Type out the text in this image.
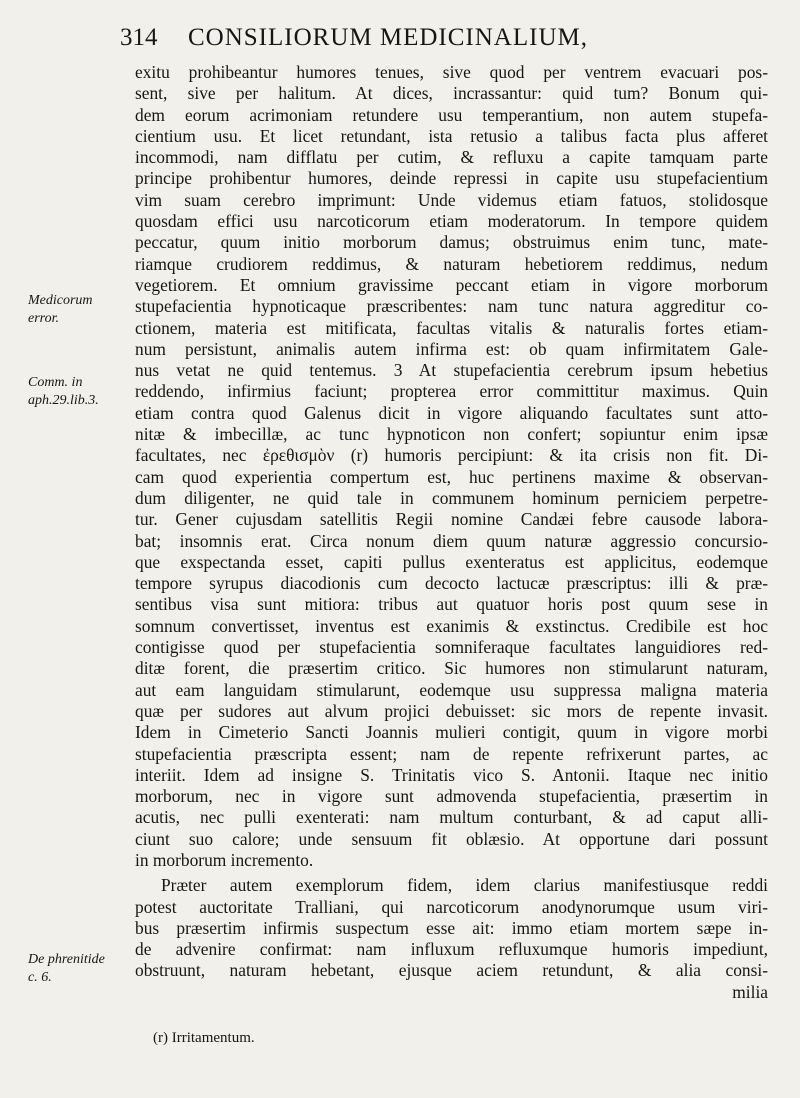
314 CONSILIORUM MEDICINALIUM,

Medicorum
error.
Comm. in
aph.29.lib.3.
De phrenitide
c. 6.
exitu prohibeantur humores tenues, sive quod per ventrem evacuari pos-
sent, sive per halitum. At dices, incrassantur: quid tum? Bonum qui-
dem eorum acrimoniam retundere usu temperantium, non autem stupefa-
cientium usu. Et licet retundant, ista retusio a talibus facta plus afferet
incommodi, nam difflatu per cutim, & refluxu a capite tamquam parte
principe prohibentur humores, deinde repressi in capite usu stupefacientium
vim suam cerebro imprimunt: Unde videmus etiam fatuos, stolidosque
quosdam effici usu narcoticorum etiam moderatorum. In tempore quidem
peccatur, quum initio morborum damus; obstruimus enim tunc, mate-
riamque crudiorem reddimus, & naturam hebetiorem reddimus, nedum
vegetiorem. Et omnium gravissime peccant etiam in vigore morborum
stupefacientia hypnoticaque præscribentes: nam tunc natura aggreditur co-
ctionem, materia est mitificata, facultas vitalis & naturalis fortes etiam-
num persistunt, animalis autem infirma est: ob quam infirmitatem Gale-
nus vetat ne quid tentemus. 3 At stupefacientia cerebrum ipsum hebetius
reddendo, infirmius faciunt; propterea error committitur maximus. Quin
etiam contra quod Galenus dicit in vigore aliquando facultates sunt atto-
nitæ & imbecillæ, ac tunc hypnoticon non confert; sopiuntur enim ipsæ
facultates, nec ἐρεθισμὸν (r) humoris percipiunt: & ita crisis non fit. Di-
cam quod experientia compertum est, huc pertinens maxime & observan-
dum diligenter, ne quid tale in communem hominum perniciem perpetre-
tur. Gener cujusdam satellitis Regii nomine Candæi febre causode labora-
bat; insomnis erat. Circa nonum diem quum naturæ aggressio concursio-
que exspectanda esset, capiti pullus exenteratus est applicitus, eodemque
tempore syrupus diacodionis cum decocto lactucæ præscriptus: illi & præ-
sentibus visa sunt mitiora: tribus aut quatuor horis post quum sese in
somnum convertisset, inventus est exanimis & exstinctus. Credibile est hoc
contigisse quod per stupefacientia somniferaque facultates languidiores red-
ditæ forent, die præsertim critico. Sic humores non stimularunt naturam,
aut eam languidam stimularunt, eodemque usu suppressa maligna materia
quæ per sudores aut alvum projici debuisset: sic mors de repente invasit.
Idem in Cimeterio Sancti Joannis mulieri contigit, quum in vigore morbi
stupefacientia præscripta essent; nam de repente refrixerunt partes, ac
interiit. Idem ad insigne S. Trinitatis vico S. Antonii. Itaque nec initio
morborum, nec in vigore sunt admovenda stupefacientia, præsertim in
acutis, nec pulli exenterati: nam multum conturbant, & ad caput alli-
ciunt suo calore; unde sensuum fit oblæsio. At opportune dari possunt
in morborum incremento.
Præter autem exemplorum fidem, idem clarius manifestiusque reddi
potest auctoritate Tralliani, qui narcoticorum anodynorumque usum viri-
bus præsertim infirmis suspectum esse ait: immo etiam mortem sæpe in-
de advenire confirmat: nam influxum refluxumque humoris impediunt,
obstruunt, naturam hebetant, ejusque aciem retundunt, & alia consi-
milia
(r) Irritamentum.
